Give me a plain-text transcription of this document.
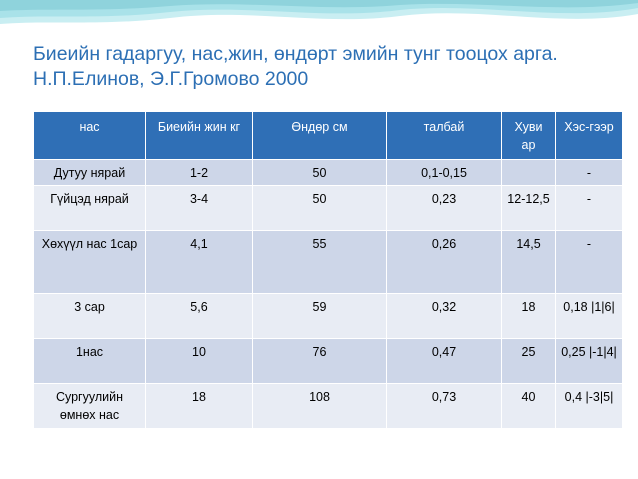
Биеийн гадаргуу, нас,жин, өндөрт эмийн тунг тооцох арга. Н.П.Елинов, Э.Г.Громово 2000
нас	Биеийн жин кг	Өндөр см	талбай	Хуви ар	Хэс-гээр
Дутуу нярай	1-2	50	0,1-0,15		-
Гүйцэд нярай	3-4	50	0,23	12-12,5	-
Хөхүүл нас 1сар	4,1	55	0,26	14,5	-
3 сар	5,6	59	0,32	18	0,18 |1|6|
1нас	10	76	0,47	25	0,25 |-1|4|
Сургуулийн өмнөх нас	18	108	0,73	40	0,4 |-3|5|
